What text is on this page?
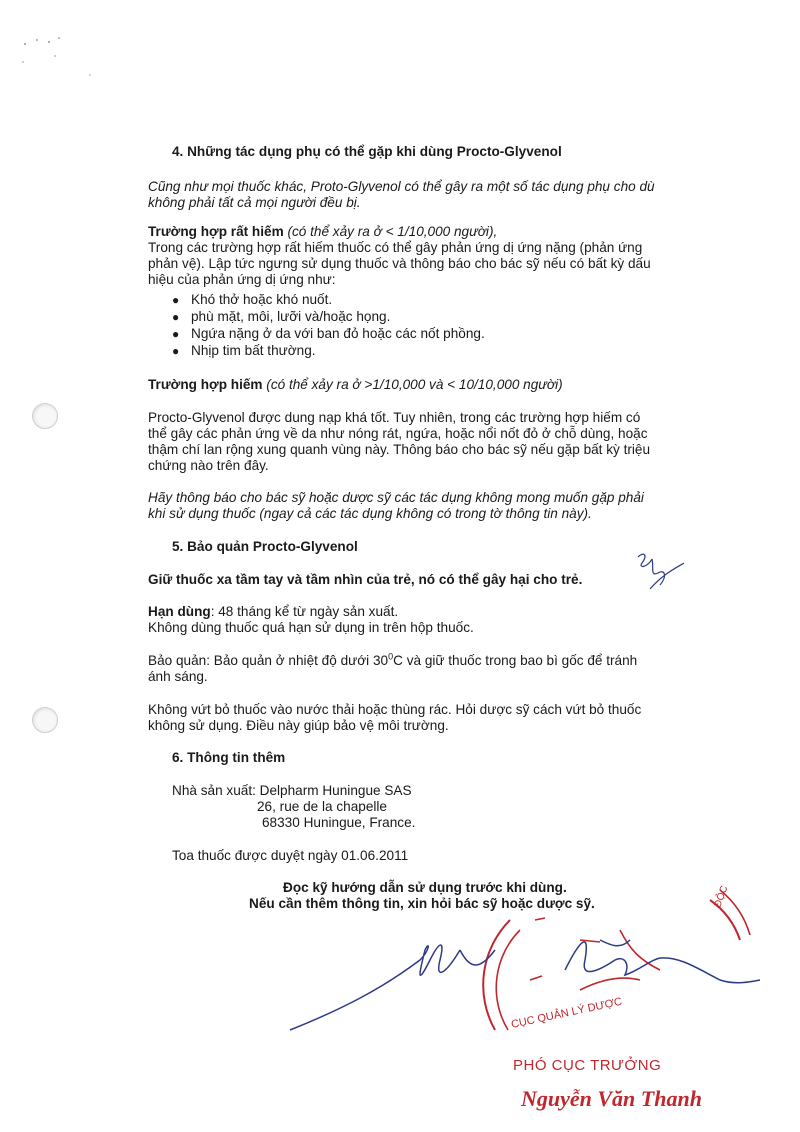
4. Những tác dụng phụ có thể gặp khi dùng Procto-Glyvenol
Cũng như mọi thuốc khác, Proto-Glyvenol có thể gây ra một số tác dụng phụ cho dù
không phải tất cả mọi người đều bị.
Trường hợp rất hiếm (có thể xảy ra ở < 1/10,000 người),
Trong các trường hợp rất hiếm thuốc có thể gây phản ứng dị ứng nặng (phản ứng
phản vệ). Lập tức ngưng sử dụng thuốc và thông báo cho bác sỹ nếu có bất kỳ dấu
hiệu của phản ứng dị ứng như:
● Khó thở hoặc khó nuốt.
● phù mặt, môi, lưỡi và/hoặc họng.
● Ngứa nặng ở da với ban đỏ hoặc các nốt phồng.
● Nhịp tim bất thường.
Trường hợp hiếm (có thể xảy ra ở >1/10,000 và < 10/10,000 người)
Procto-Glyvenol được dung nạp khá tốt. Tuy nhiên, trong các trường hợp hiếm có
thể gây các phản ứng về da như nóng rát, ngứa, hoặc nổi nốt đỏ ở chỗ dùng, hoặc
thậm chí lan rộng xung quanh vùng này. Thông báo cho bác sỹ nếu gặp bất kỳ triệu
chứng nào trên đây.
Hãy thông báo cho bác sỹ hoặc dược sỹ các tác dụng không mong muốn gặp phải
khi sử dụng thuốc (ngay cả các tác dụng không có trong tờ thông tin này).
5. Bảo quản Procto-Glyvenol
Giữ thuốc xa tầm tay và tầm nhìn của trẻ, nó có thể gây hại cho trẻ.
Hạn dùng: 48 tháng kể từ ngày sản xuất.
Không dùng thuốc quá hạn sử dụng in trên hộp thuốc.
Bảo quản: Bảo quản ở nhiệt độ dưới $30^0C$ và giữ thuốc trong bao bì gốc để tránh
ánh sáng.
Không vứt bỏ thuốc vào nước thải hoặc thùng rác. Hỏi dược sỹ cách vứt bỏ thuốc
không sử dụng. Điều này giúp bảo vệ môi trường.
6. Thông tin thêm
Nhà sản xuất: Delpharm Huningue SAS
26, rue de la chapelle
68330 Huningue, France.
Toa thuốc được duyệt ngày 01.06.2011
Đọc kỹ hướng dẫn sử dụng trước khi dùng.
Nếu cần thêm thông tin, xin hỏi bác sỹ hoặc dược sỹ.
CỤC QUẢN LÝ DƯỢC
ĐỘC
PHÓ CỤC TRƯỞNG
Nguyễn Văn Thanh
